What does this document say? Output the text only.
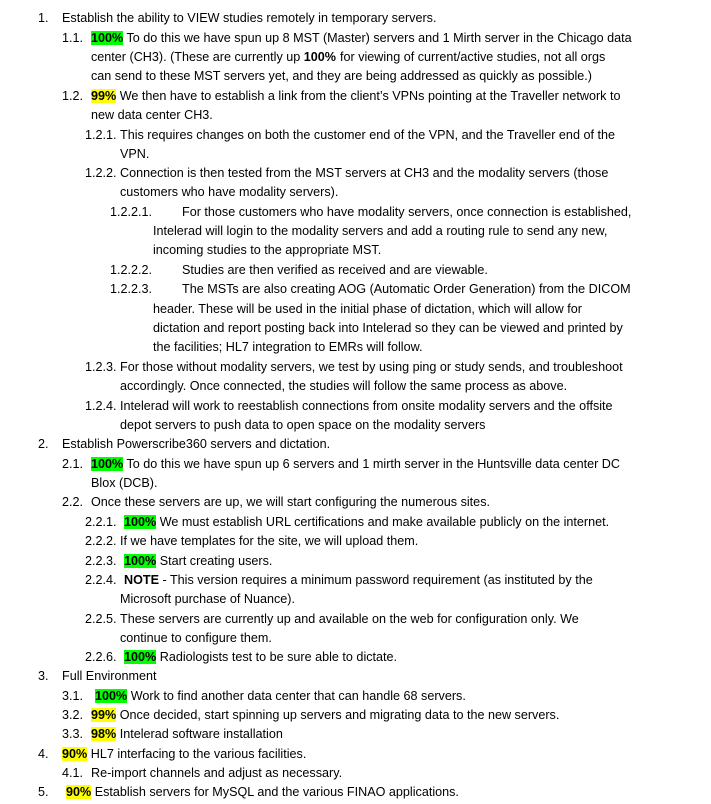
1. Establish the ability to VIEW studies remotely in temporary servers.
1.1. 100% To do this we have spun up 8 MST (Master) servers and 1 Mirth server in the Chicago data
center (CH3). (These are currently up 100% for viewing of current/active studies, not all orgs
can send to these MST servers yet, and they are being addressed as quickly as possible.)
1.2. 99% We then have to establish a link from the client’s VPNs pointing at the Traveller network to
new data center CH3.
1.2.1. This requires changes on both the customer end of the VPN, and the Traveller end of the
VPN.
1.2.2. Connection is then tested from the MST servers at CH3 and the modality servers (those
customers who have modality servers).
1.2.2.1. For those customers who have modality servers, once connection is established,
Intelerad will login to the modality servers and add a routing rule to send any new,
incoming studies to the appropriate MST.
1.2.2.2. Studies are then verified as received and are viewable.
1.2.2.3. The MSTs are also creating AOG (Automatic Order Generation) from the DICOM
header. These will be used in the initial phase of dictation, which will allow for
dictation and report posting back into Intelerad so they can be viewed and printed by
the facilities; HL7 integration to EMRs will follow.
1.2.3. For those without modality servers, we test by using ping or study sends, and troubleshoot
accordingly. Once connected, the studies will follow the same process as above.
1.2.4. Intelerad will work to reestablish connections from onsite modality servers and the offsite
depot servers to push data to open space on the modality servers
2. Establish Powerscribe360 servers and dictation.
2.1. 100% To do this we have spun up 6 servers and 1 mirth server in the Huntsville data center DC
Blox (DCB).
2.2. Once these servers are up, we will start configuring the numerous sites.
2.2.1. 100% We must establish URL certifications and make available publicly on the internet.
2.2.2. If we have templates for the site, we will upload them.
2.2.3. 100% Start creating users.
2.2.4. NOTE - This version requires a minimum password requirement (as instituted by the
Microsoft purchase of Nuance).
2.2.5. These servers are currently up and available on the web for configuration only. We
continue to configure them.
2.2.6. 100% Radiologists test to be sure able to dictate.
3. Full Environment
3.1. 100% Work to find another data center that can handle 68 servers.
3.2. 99% Once decided, start spinning up servers and migrating data to the new servers.
3.3. 98% Intelerad software installation
4. 90% HL7 interfacing to the various facilities.
4.1. Re-import channels and adjust as necessary.
5. 90% Establish servers for MySQL and the various FINAO applications.
